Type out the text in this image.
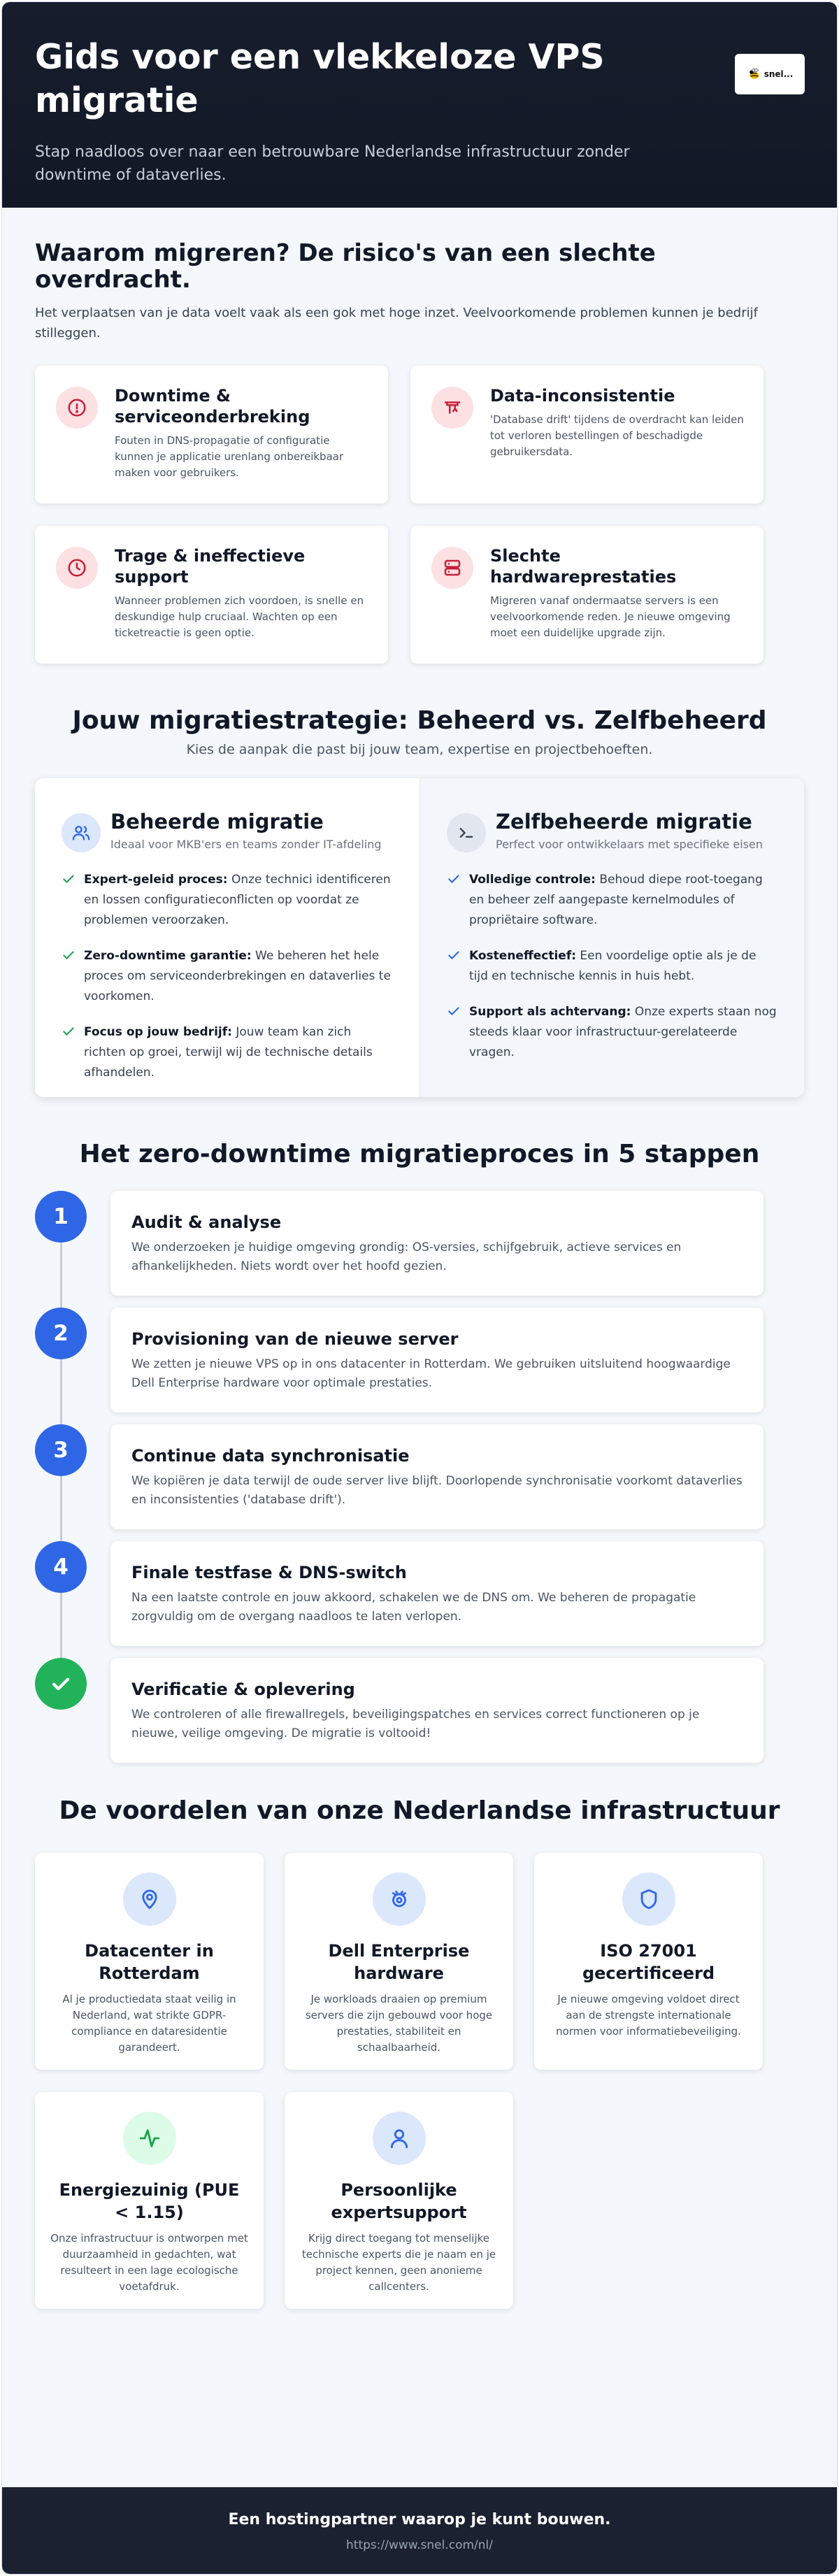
Gids voor een vlekkeloze VPS migratie

Stap naadloos over naar een betrouwbare Nederlandse infrastructuur zonder downtime of dataverlies.

snel...
Waarom migreren? De risico's van een slechte overdracht.

Het verplaatsen van je data voelt vaak als een gok met hoge inzet. Veelvoorkomende problemen kunnen je bedrijf stilleggen.

Downtime & serviceonderbreking

Fouten in DNS-propagatie of configuratie kunnen je applicatie urenlang onbereikbaar maken voor gebruikers.

Data-inconsistentie

'Database drift' tijdens de overdracht kan leiden tot verloren bestellingen of beschadigde gebruikersdata.

Trage & ineffectieve support

Wanneer problemen zich voordoen, is snelle en deskundige hulp cruciaal. Wachten op een ticketreactie is geen optie.

Slechte hardwareprestaties

Migreren vanaf ondermaatse servers is een veelvoorkomende reden. Je nieuwe omgeving moet een duidelijke upgrade zijn.

Jouw migratiestrategie: Beheerd vs. Zelfbeheerd

Kies de aanpak die past bij jouw team, expertise en projectbehoeften.

Beheerde migratie

Ideaal voor MKB'ers en teams zonder IT-afdeling

Expert-geleid proces: Onze technici identificeren en lossen configuratieconflicten op voordat ze problemen veroorzaken.
Zero-downtime garantie: We beheren het hele proces om serviceonderbrekingen en dataverlies te voorkomen.
Focus op jouw bedrijf: Jouw team kan zich richten op groei, terwijl wij de technische details afhandelen.
Zelfbeheerde migratie

Perfect voor ontwikkelaars met specifieke eisen

Volledige controle: Behoud diepe root-toegang en beheer zelf aangepaste kernelmodules of propriëtaire software.
Kosteneffectief: Een voordelige optie als je de tijd en technische kennis in huis hebt.
Support als achtervang: Onze experts staan nog steeds klaar voor infrastructuur-gerelateerde vragen.
Het zero-downtime migratieproces in 5 stappen
1	Audit & analyse

We onderzoeken je huidige omgeving grondig: OS-versies, schijfgebruik, actieve services en afhankelijkheden. Niets wordt over het hoofd gezien.

2	Provisioning van de nieuwe server

We zetten je nieuwe VPS op in ons datacenter in Rotterdam. We gebruiken uitsluitend hoogwaardige Dell Enterprise hardware voor optimale prestaties.

3	Continue data synchronisatie

We kopiëren je data terwijl de oude server live blijft. Doorlopende synchronisatie voorkomt dataverlies en inconsistenties ('database drift').

4	Finale testfase & DNS-switch

Na een laatste controle en jouw akkoord, schakelen we de DNS om. We beheren de propagatie zorgvuldig om de overgang naadloos te laten verlopen.

Verificatie & oplevering

We controleren of alle firewallregels, beveiligingspatches en services correct functioneren op je nieuwe, veilige omgeving. De migratie is voltooid!

De voordelen van onze Nederlandse infrastructuur
Datacenter in Rotterdam

Al je productiedata staat veilig in Nederland, wat strikte GDPR-compliance en dataresidentie garandeert.

Dell Enterprise hardware

Je workloads draaien op premium servers die zijn gebouwd voor hoge prestaties, stabiliteit en schaalbaarheid.

ISO 27001 gecertificeerd

Je nieuwe omgeving voldoet direct aan de strengste internationale normen voor informatiebeveiliging.

Energiezuinig (PUE < 1.15)

Onze infrastructuur is ontworpen met duurzaamheid in gedachten, wat resulteert in een lage ecologische voetafdruk.

Persoonlijke expertsupport

Krijg direct toegang tot menselijke technische experts die je naam en je project kennen, geen anonieme callcenters.

Een hostingpartner waarop je kunt bouwen.
https://www.snel.com/nl/
